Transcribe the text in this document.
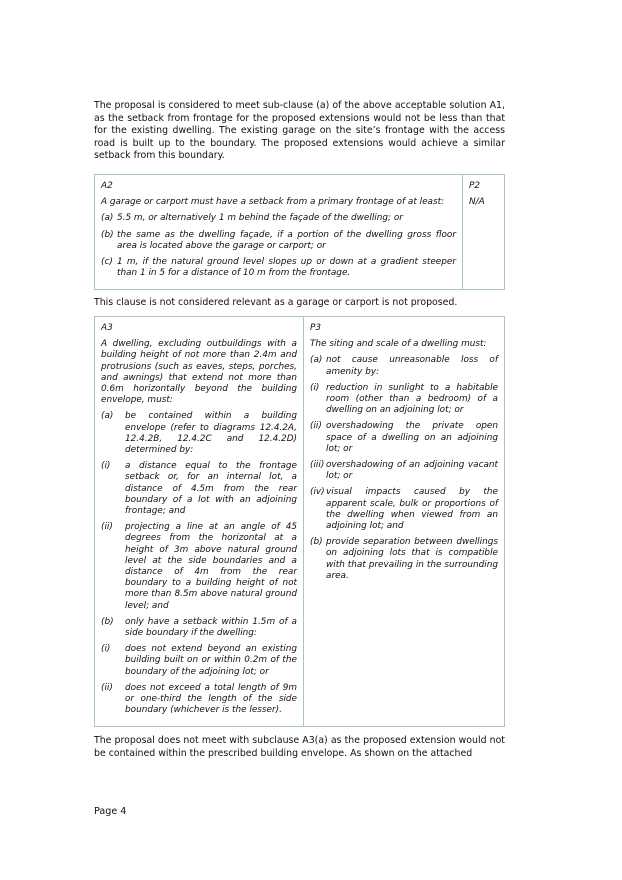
The proposal is considered to meet sub-clause (a) of the above acceptable solution A1, as the setback from frontage for the proposed extensions would not be less than that for the existing dwelling. The existing garage on the site’s frontage with the access road is built up to the boundary. The proposed extensions would achieve a similar setback from this boundary.

A2

A garage or carport must have a setback from a primary frontage of at least:

(a) 5.5 m, or alternatively 1 m behind the façade of the dwelling; or
(b) the same as the dwelling façade, if a portion of the dwelling gross floor area is located above the garage or carport; or
(c) 1 m, if the natural ground level slopes up or down at a gradient steeper than 1 in 5 for a distance of 10 m from the frontage.

P2

N/A

This clause is not considered relevant as a garage or carport is not proposed.

A3

A dwelling, excluding outbuildings with a building height of not more than 2.4m and protrusions (such as eaves, steps, porches, and awnings) that extend not more than 0.6m horizontally beyond the building envelope, must:

(a)	be contained within a building envelope (refer to diagrams 12.4.2A, 12.4.2B, 12.4.2C and 12.4.2D) determined by:
(i)	a distance equal to the frontage setback or, for an internal lot, a distance of 4.5m from the rear boundary of a lot with an adjoining frontage; and
(ii)	projecting a line at an angle of 45 degrees from the horizontal at a height of 3m above natural ground level at the side boundaries and a distance of 4m from the rear boundary to a building height of not more than 8.5m above natural ground level; and
(b)	only have a setback within 1.5m of a side boundary if the dwelling:
(i)	does not extend beyond an existing building built on or within 0.2m of the boundary of the adjoining lot; or
(ii)	does not exceed a total length of 9m or one-third the length of the side boundary (whichever is the lesser).

P3

The siting and scale of a dwelling must:

(a) not cause unreasonable loss of amenity by:
(i) reduction in sunlight to a habitable room (other than a bedroom) of a dwelling on an adjoining lot; or
(ii) overshadowing the private open space of a dwelling on an adjoining lot; or
(iii) overshadowing of an adjoining vacant lot; or
(iv) visual impacts caused by the apparent scale, bulk or proportions of the dwelling when viewed from an adjoining lot; and
(b) provide separation between dwellings on adjoining lots that is compatible with that prevailing in the surrounding area.

The proposal does not meet with subclause A3(a) as the proposed extension would not be contained within the prescribed building envelope. As shown on the attached

Page 4
